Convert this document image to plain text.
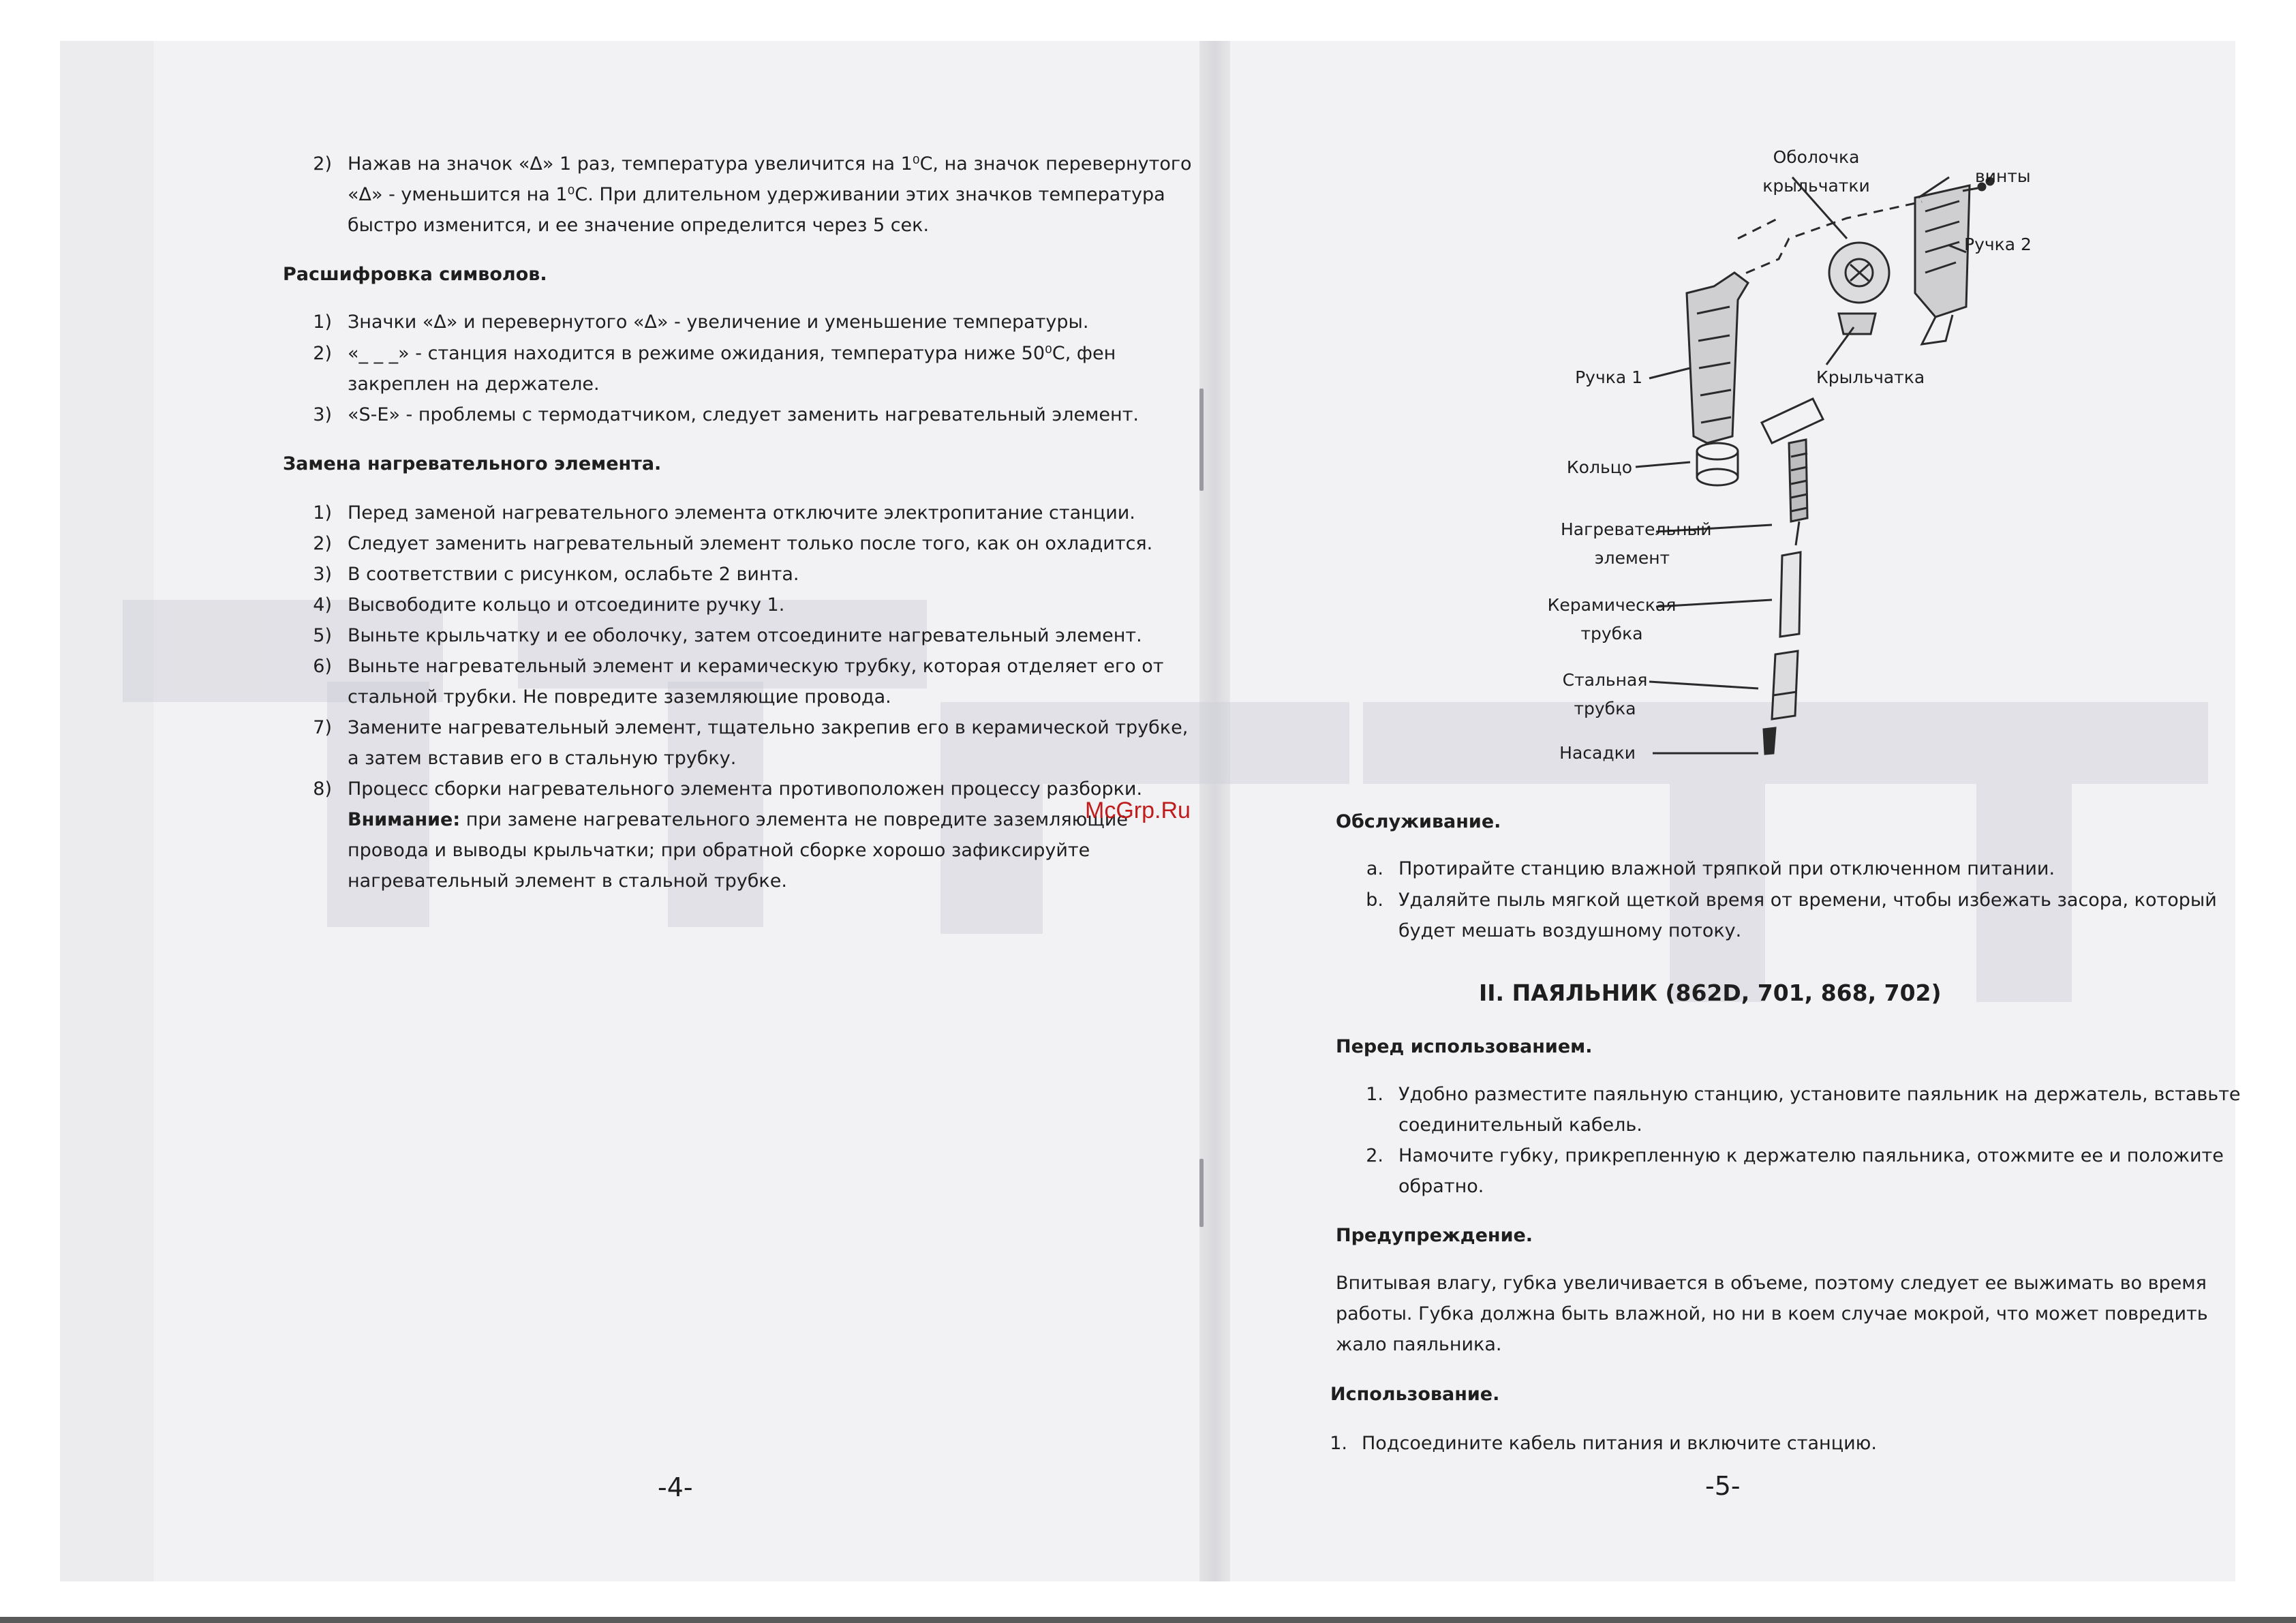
2) Нажав на значок «Δ» 1 раз, температура увеличится на 1⁰С, на значок перевернутого
«Δ» - уменьшится на 1⁰С. При длительном удерживании этих значков температура
быстро изменится, и ее значение определится через 5 сек.
Расшифровка символов.
1) Значки «Δ» и перевернутого «Δ» - увеличение и уменьшение температуры.
2) «_ _ _» - станция находится в режиме ожидания, температура ниже 50⁰С, фен
закреплен на держателе.
3) «S-E» - проблемы с термодатчиком, следует заменить нагревательный элемент.
Замена нагревательного элемента.
1) Перед заменой нагревательного элемента отключите электропитание станции.
2) Следует заменить нагревательный элемент только после того, как он охладится.
3) В соответствии с рисунком, ослабьте 2 винта.
4) Высвободите кольцо и отсоедините ручку 1.
5) Выньте крыльчатку и ее оболочку, затем отсоедините нагревательный элемент.
6) Выньте нагревательный элемент и керамическую трубку, которая отделяет его от
стальной трубки. Не повредите заземляющие провода.
7) Замените нагревательный элемент, тщательно закрепив его в керамической трубке,
а затем вставив его в стальную трубку.
8) Процесс сборки нагревательного элемента противоположен процессу разборки.
Внимание: при замене нагревательного элемента не повредите заземляющие
провода и выводы крыльчатки; при обратной сборке хорошо зафиксируйте
нагревательный элемент в стальной трубке.
-4-
McGrp.Ru
Оболочка
крыльчатки	винты
Ручка 2
Ручка 1	Крыльчатка
Кольцо
Нагревательный
элемент
Керамическая
трубка
Стальная
трубка
Насадки
Обслуживание.
a. Протирайте станцию влажной тряпкой при отключенном питании.
b. Удаляйте пыль мягкой щеткой время от времени, чтобы избежать засора, который
будет мешать воздушному потоку.
II. ПАЯЛЬНИК (862D, 701, 868, 702)
Перед использованием.
1. Удобно разместите паяльную станцию, установите паяльник на держатель, вставьте
соединительный кабель.
2. Намочите губку, прикрепленную к держателю паяльника, отожмите ее и положите
обратно.
Предупреждение.
Впитывая влагу, губка увеличивается в объеме, поэтому следует ее выжимать во время
работы. Губка должна быть влажной, но ни в коем случае мокрой, что может повредить
жало паяльника.
Использование.
1. Подсоедините кабель питания и включите станцию.
-5-
